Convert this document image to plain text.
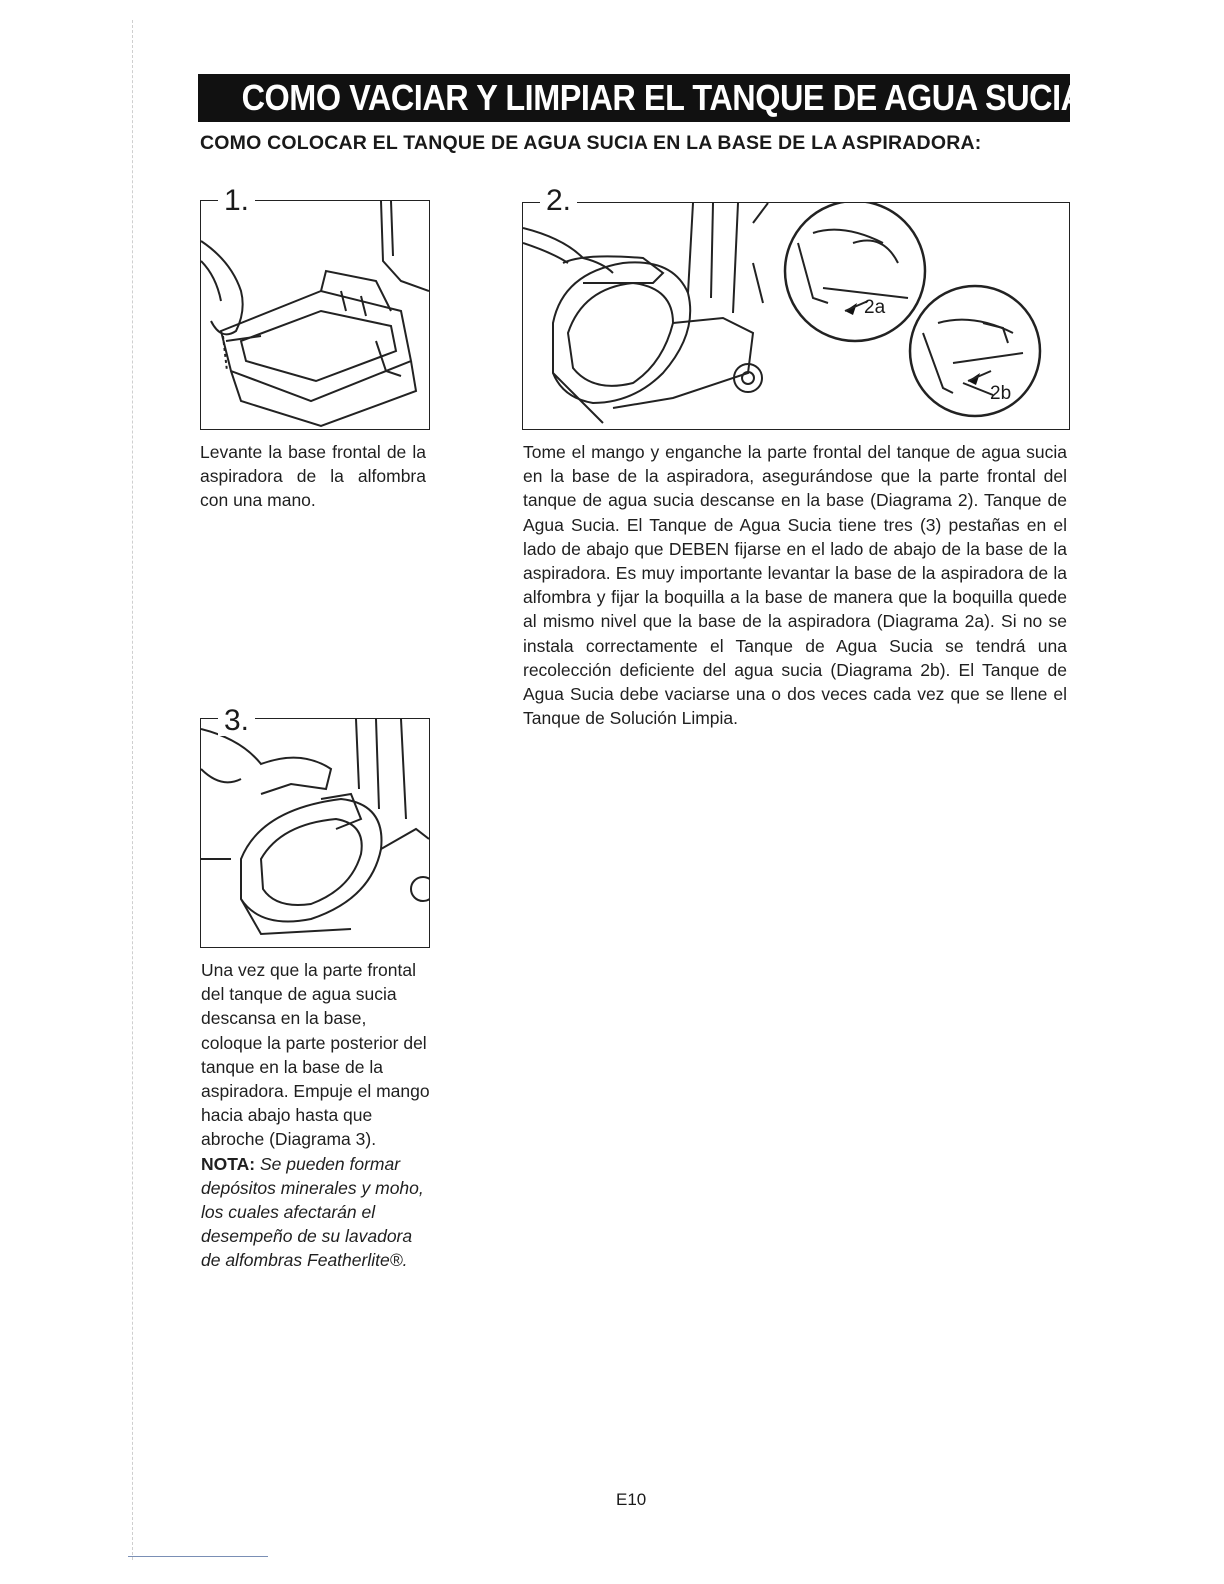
COMO VACIAR Y LIMPIAR EL TANQUE DE AGUA SUCIA
COMO COLOCAR EL TANQUE DE AGUA SUCIA EN LA BASE DE LA ASPIRADORA:
1.
Levante la base frontal de la aspiradora de la alfombra con una mano.
2.
2a
2b
Tome el mango y enganche la parte frontal del tanque de agua sucia en la base de la aspiradora, asegurándose que la parte frontal del tanque de agua sucia descanse en la base (Diagrama 2). Tanque de Agua Sucia. El Tanque de Agua Sucia tiene tres (3) pestañas en el lado de abajo que DEBEN fijarse en el lado de abajo de la base de la aspiradora. Es muy importante levantar la base de la aspiradora de la alfombra y fijar la boquilla a la base de manera que la boquilla quede al mismo nivel que la base de la aspiradora (Diagrama 2a). Si no se instala correctamente el Tanque de Agua Sucia se tendrá una recolección deficiente del agua sucia (Diagrama 2b). El Tanque de Agua Sucia debe vaciarse una o dos veces cada vez que se llene el Tanque de Solución Limpia.
3.
Una vez que la parte frontal del tanque de agua sucia descansa en la base, coloque la parte posterior del tanque en la base de la aspiradora. Empuje el mango hacia abajo hasta que abroche (Diagrama 3). NOTA: Se pueden formar depósitos minerales y moho, los cuales afectarán el desempeño de su lavadora de alfombras Featherlite®.
E10
